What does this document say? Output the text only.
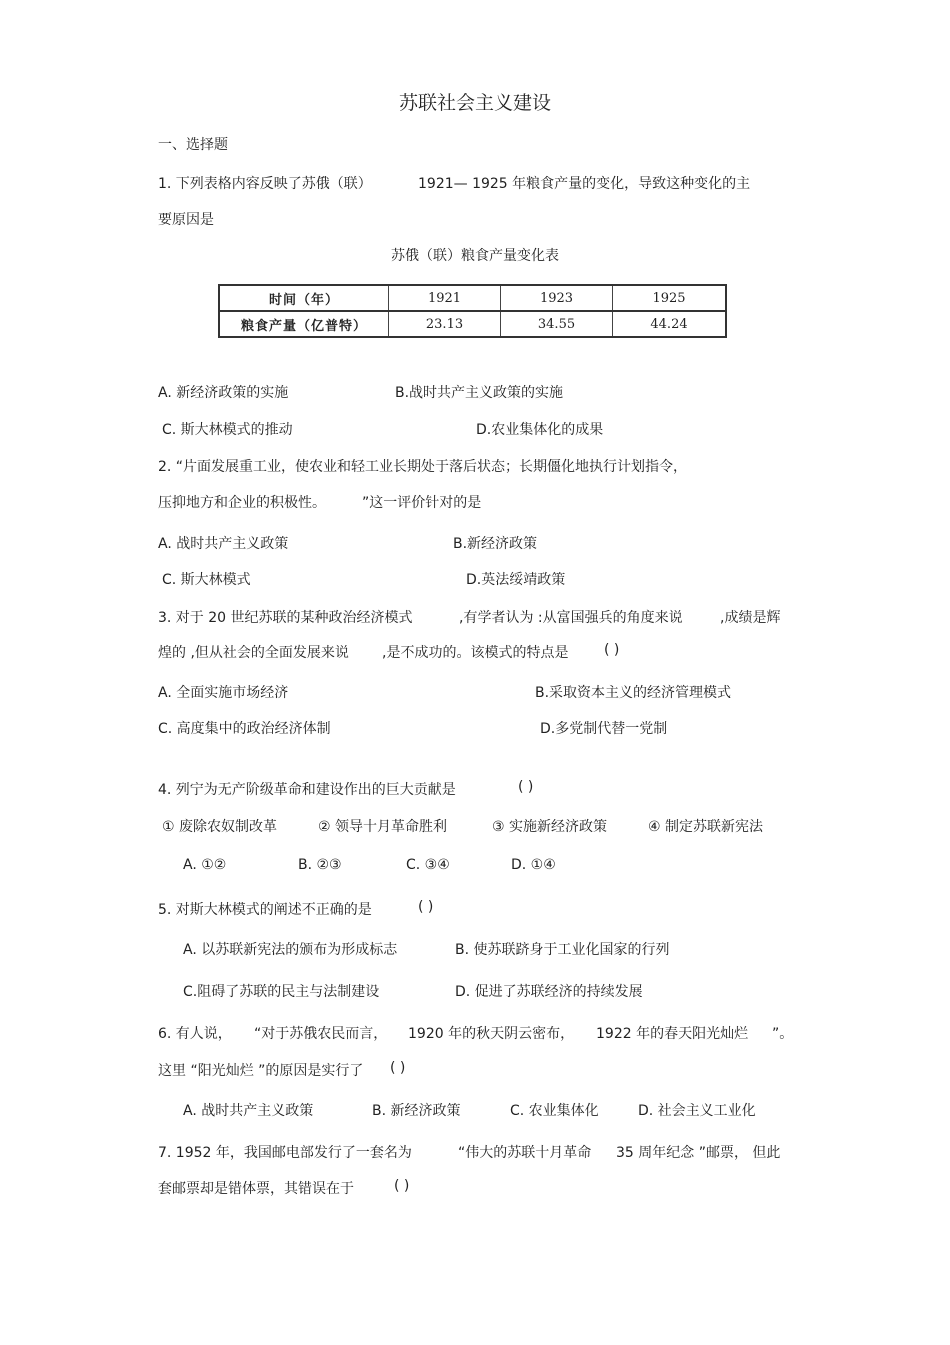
苏联社会主义建设
一、选择题
1. 下列表格内容反映了苏俄（联）	1921— 1925 年粮食产量的变化，导致这种变化的主
要原因是
苏俄（联）粮食产量变化表
时间（年）	1921	1923	1925
粮食产量（亿普特）	23.13	34.55	44.24
A. 新经济政策的实施	B.战时共产主义政策的实施
C. 斯大林模式的推动	D.农业集体化的成果
2. “片面发展重工业，使农业和轻工业长期处于落后状态；长期僵化地执行计划指令，
压抑地方和企业的积极性。	”这一评价针对的是
A. 战时共产主义政策	B.新经济政策
C. 斯大林模式	D.英法绥靖政策
3. 对于 20 世纪苏联的某种政治经济模式	,有学者认为 :从富国强兵的角度来说	,成绩是辉
煌的 ,但从社会的全面发展来说 ,是不成功的。该模式的特点是	( )
A. 全面实施市场经济	B.采取资本主义的经济管理模式
C. 高度集中的政治经济体制	D.多党制代替一党制
4. 列宁为无产阶级革命和建设作出的巨大贡献是	( )
① 废除农奴制改革	② 领导十月革命胜利	③ 实施新经济政策	④ 制定苏联新宪法
A. ①②	B. ②③	C. ③④	D. ①④
5. 对斯大林模式的阐述不正确的是	( )
A. 以苏联新宪法的颁布为形成标志	B. 使苏联跻身于工业化国家的行列
C.阻碍了苏联的民主与法制建设	D. 促进了苏联经济的持续发展
6. 有人说， “对于苏俄农民而言， 1920 年的秋天阴云密布， 1922 年的春天阳光灿烂 ”。
这里 “阳光灿烂 ”的原因是实行了 ( )
A. 战时共产主义政策	B. 新经济政策	C. 农业集体化	D. 社会主义工业化
7. 1952 年，我国邮电部发行了一套名为	“伟大的苏联十月革命 35 周年纪念 ”邮票， 但此
套邮票却是错体票，其错误在于	( )
